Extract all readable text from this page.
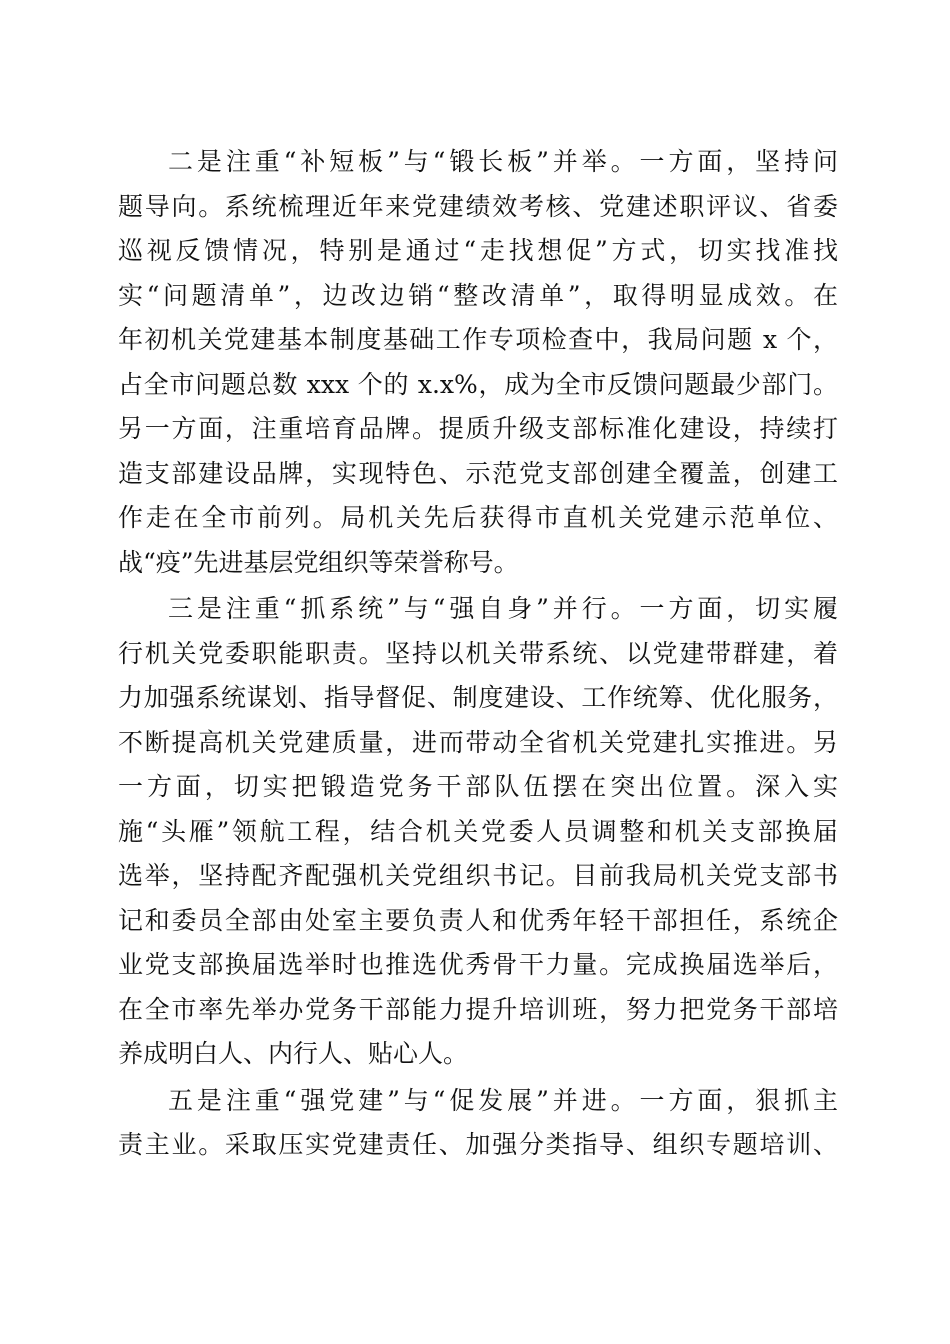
二是注重“补短板”与“锻长板”并举。一方面，坚持问
题导向。系统梳理近年来党建绩效考核、党建述职评议、省委
巡视反馈情况，特别是通过“走找想促”方式，切实找准找
实“问题清单”，边改边销“整改清单”，取得明显成效。在
年初机关党建基本制度基础工作专项检查中，我局问题 x 个，
占全市问题总数 xxx 个的 x.x%，成为全市反馈问题最少部门。
另一方面，注重培育品牌。提质升级支部标准化建设，持续打
造支部建设品牌，实现特色、示范党支部创建全覆盖，创建工
作走在全市前列。局机关先后获得市直机关党建示范单位、
战“疫”先进基层党组织等荣誉称号。
三是注重“抓系统”与“强自身”并行。一方面，切实履
行机关党委职能职责。坚持以机关带系统、以党建带群建，着
力加强系统谋划、指导督促、制度建设、工作统筹、优化服务，
不断提高机关党建质量，进而带动全省机关党建扎实推进。另
一方面，切实把锻造党务干部队伍摆在突出位置。深入实
施“头雁”领航工程，结合机关党委人员调整和机关支部换届
选举，坚持配齐配强机关党组织书记。目前我局机关党支部书
记和委员全部由处室主要负责人和优秀年轻干部担任，系统企
业党支部换届选举时也推选优秀骨干力量。完成换届选举后，
在全市率先举办党务干部能力提升培训班，努力把党务干部培
养成明白人、内行人、贴心人。
五是注重“强党建”与“促发展”并进。一方面，狠抓主
责主业。采取压实党建责任、加强分类指导、组织专题培训、
